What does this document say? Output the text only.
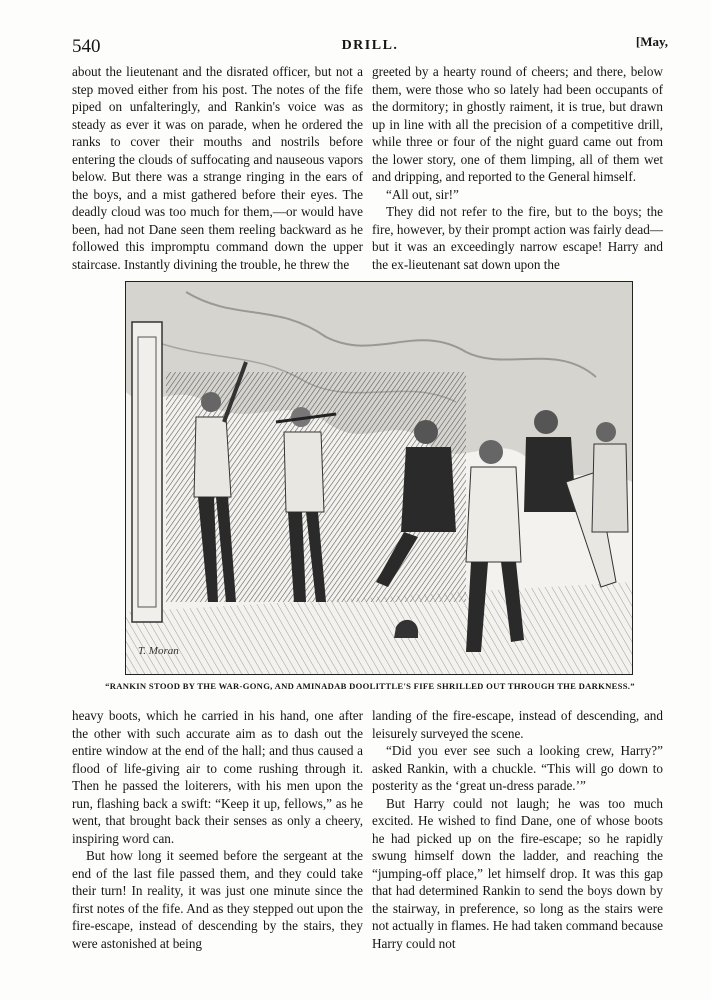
540	DRILL.	[May,

about the lieutenant and the disrated officer, but not a step moved either from his post. The notes of the fife piped on unfalteringly, and Rankin's voice was as steady as ever it was on parade, when he ordered the ranks to cover their mouths and nostrils before entering the clouds of suffocating and nauseous vapors below. But there was a strange ringing in the ears of the boys, and a mist gathered before their eyes. The deadly cloud was too much for them,—or would have been, had not Dane seen them reeling backward as he followed this impromptu command down the upper staircase. Instantly divining the trouble, he threw the

greeted by a hearty round of cheers; and there, below them, were those who so lately had been occupants of the dormitory; in ghostly raiment, it is true, but drawn up in line with all the precision of a competitive drill, while three or four of the night guard came out from the lower story, one of them limping, all of them wet and dripping, and reported to the General himself.

“All out, sir!”

They did not refer to the fire, but to the boys; the fire, however, by their prompt action was fairly dead—but it was an exceedingly narrow escape! Harry and the ex-lieutenant sat down upon the

T. Moran
“RANKIN STOOD BY THE WAR-GONG, AND AMINADAB DOOLITTLE'S FIFE SHRILLED OUT THROUGH THE DARKNESS.”

heavy boots, which he carried in his hand, one after the other with such accurate aim as to dash out the entire window at the end of the hall; and thus caused a flood of life-giving air to come rushing through it. Then he passed the loiterers, with his men upon the run, flashing back a swift: “Keep it up, fellows,” as he went, that brought back their senses as only a cheery, inspiring word can.

But how long it seemed before the sergeant at the end of the last file passed them, and they could take their turn! In reality, it was just one minute since the first notes of the fife. And as they stepped out upon the fire-escape, instead of descending by the stairs, they were astonished at being

landing of the fire-escape, instead of descending, and leisurely surveyed the scene.

“Did you ever see such a looking crew, Harry?” asked Rankin, with a chuckle. “This will go down to posterity as the ‘great un-dress parade.’”

But Harry could not laugh; he was too much excited. He wished to find Dane, one of whose boots he had picked up on the fire-escape; so he rapidly swung himself down the ladder, and reaching the “jumping-off place,” let himself drop. It was this gap that had determined Rankin to send the boys down by the stairway, in preference, so long as the stairs were not actually in flames. He had taken command because Harry could not
